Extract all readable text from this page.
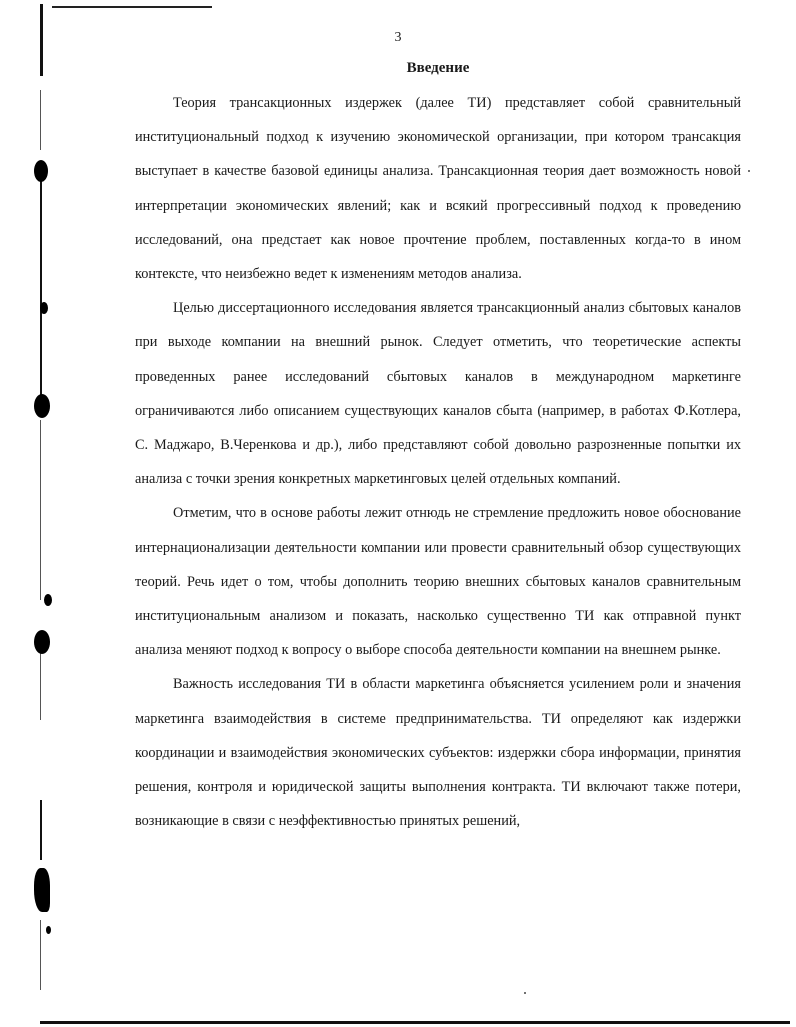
3
Введение

Теория трансакционных издержек (далее ТИ) представляет собой сравнительный институциональный подход к изучению экономической организации, при котором трансакция выступает в качестве базовой единицы анализа. Трансакционная теория дает возможность новой интерпретации экономических явлений; как и всякий прогрессивный подход к проведению исследований, она предстает как новое прочтение проблем, поставленных когда-то в ином контексте, что неизбежно ведет к изменениям методов анализа.

Целью диссертационного исследования является трансакционный анализ сбытовых каналов при выходе компании на внешний рынок. Следует отметить, что теоретические аспекты проведенных ранее исследований сбытовых каналов в международном маркетинге ограничиваются либо описанием существующих каналов сбыта (например, в работах Ф.Котлера, С. Маджаро, В.Черенкова и др.), либо представляют собой довольно разрозненные попытки их анализа с точки зрения конкретных маркетинговых целей отдельных компаний.

Отметим, что в основе работы лежит отнюдь не стремление предложить новое обоснование интернационализации деятельности компании или провести сравнительный обзор существующих теорий. Речь идет о том, чтобы дополнить теорию внешних сбытовых каналов сравнительным институциональным анализом и показать, насколько существенно ТИ как отправной пункт анализа меняют подход к вопросу о выборе способа деятельности компании на внешнем рынке.

Важность исследования ТИ в области маркетинга объясняется усилением роли и значения маркетинга взаимодействия в системе предпринимательства. ТИ определяют как издержки координации и взаимодействия экономических субъектов: издержки сбора информации, принятия решения, контроля и юридической защиты выполнения контракта. ТИ включают также потери, возникающие в связи с неэффективностью принятых решений,
